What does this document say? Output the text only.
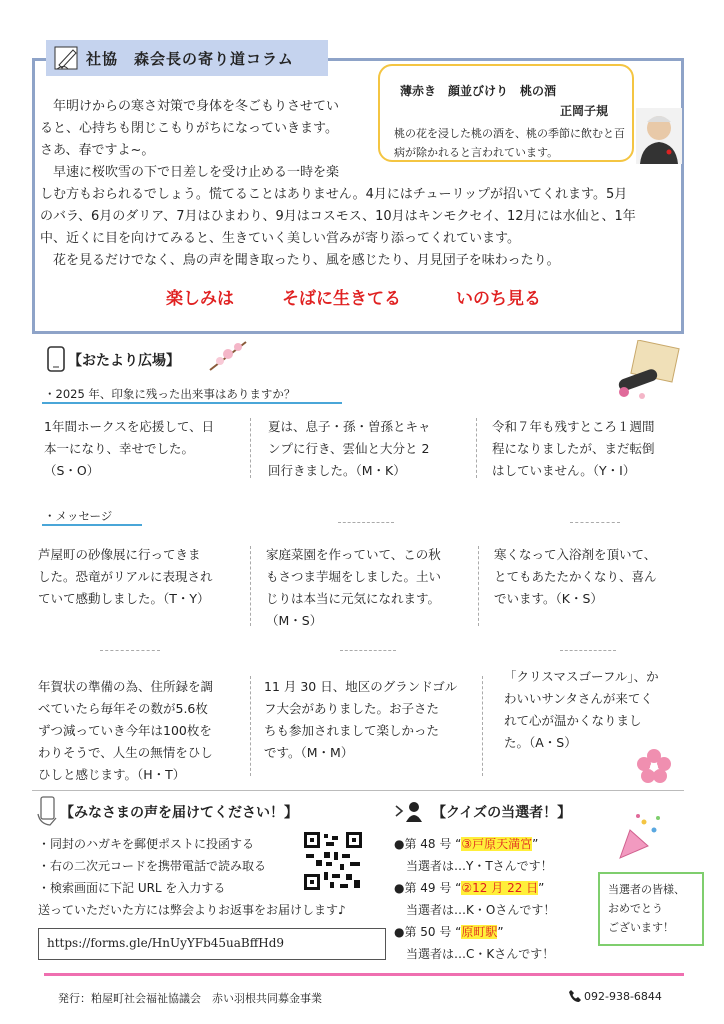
社協　森会長の寄り道コラム
薄赤き　顔並びけり　桃の酒
正岡子規
桃の花を浸した桃の酒を、桃の季節に飲むと百病が除かれると言われています。
　年明けからの寒さ対策で身体を冬ごもりさせてい
ると、心持ちも閉じこもりがちになっていきます。
さあ、春ですよ~。
　早速に桜吹雪の下で日差しを受け止める一時を楽
しむ方もおられるでしょう。慌てることはありません。4月にはチューリップが招いてくれます。5月
のバラ、6月のダリア、7月はひまわり、9月はコスモス、10月はキンモクセイ、12月には水仙と、1年
中、近くに目を向けてみると、生きていく美しい営みが寄り添ってくれています。
　花を見るだけでなく、鳥の声を聞き取ったり、風を感じたり、月見団子を味わったり。
楽しみは	そばに生きてる	いのち見る
【おたより広場】
・2025 年、印象に残った出来事はありますか？
1年間ホークスを応援して、日
本一になり、幸せでした。
（S・O）
夏は、息子・孫・曽孫とキャ
ンプに行き、雲仙と大分と 2
回行きました。（M・K）
令和７年も残すところ１週間
程になりましたが、まだ転倒
はしていません。（Y・I）
・メッセージ
芦屋町の砂像展に行ってきま
した。恐竜がリアルに表現され
ていて感動しました。（T・Y）
家庭菜園を作っていて、この秋
もさつま芋堀をしました。土い
じりは本当に元気になれます。
（M・S）
寒くなって入浴剤を頂いて、
とてもあたたかくなり、喜ん
でいます。（K・S）
年賀状の準備の為、住所録を調
べていたら毎年その数が5.6枚
ずつ減っていき今年は100枚を
わりそうで、人生の無情をひし
ひしと感じます。（H・T）
11 月 30 日、地区のグランドゴル
フ大会がありました。お子さた
ちも参加されまして楽しかった
です。（M・M）
「クリスマスゴーフル」、か
わいいサンタさんが来てく
れて心が温かくなりまし
た。（A・S）
【みなさまの声を届けてください！】
・同封のハガキを郵便ポストに投函する
・右の二次元コードを携帯電話で読み取る
・検索画面に下記 URL を入力する
送っていただいた方には弊会よりお返事をお届けします♪
https://forms.gle/HnUyYFb45uaBffHd9
【クイズの当選者！】
●第 48 号 “③戸原天満宮”
　当選者は…Y・Tさんです！
●第 49 号 “②12 月 22 日”
　当選者は…K・Oさんです！
●第 50 号 “原町駅”
　当選者は…C・Kさんです！
当選者の皆様、
おめでとう
ございます！
発行：粕屋町社会福祉協議会　赤い羽根共同募金事業	092-938-6844
